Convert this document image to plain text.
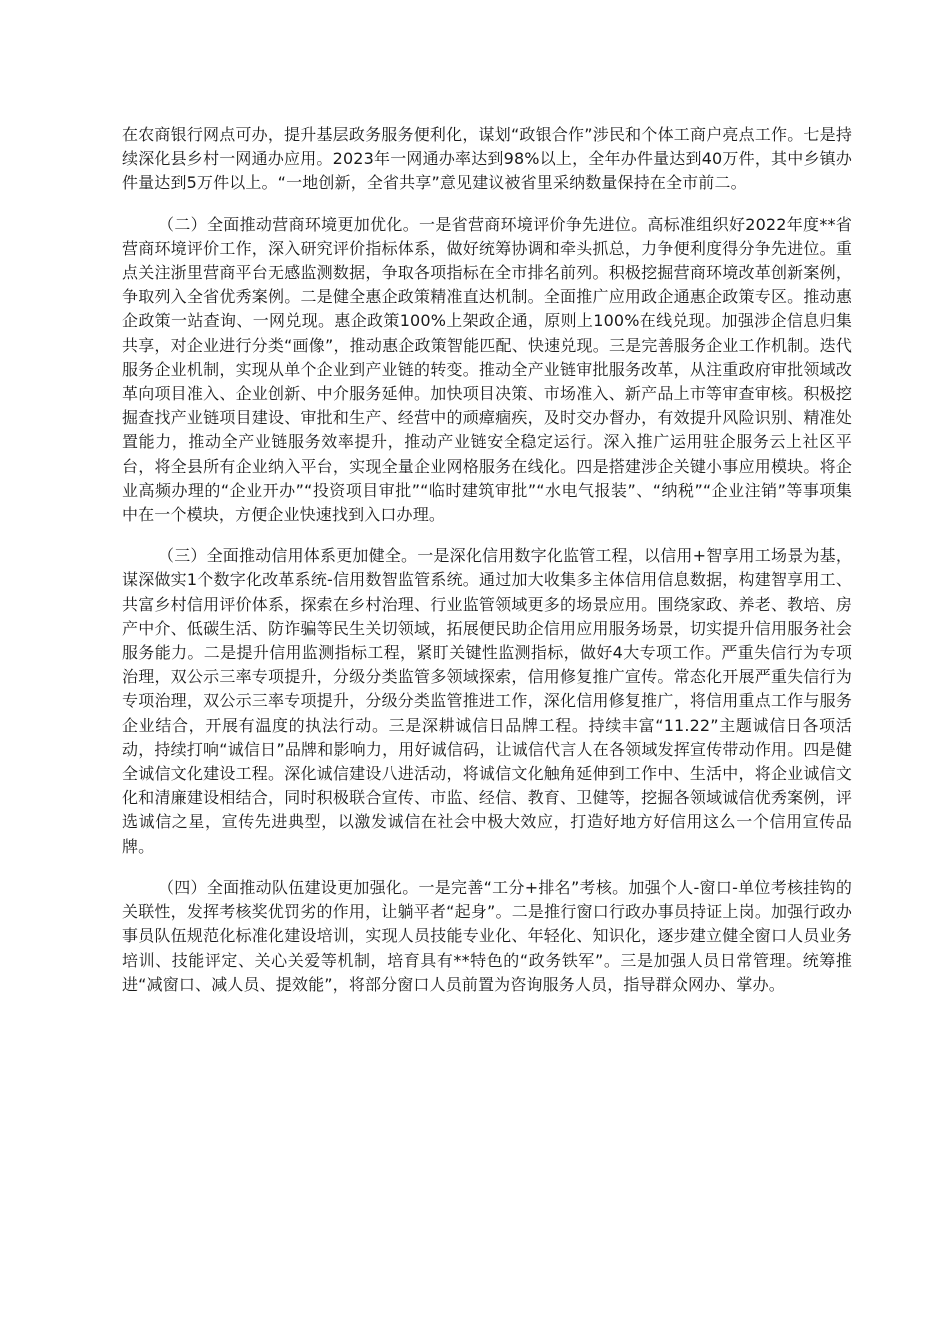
在农商银行网点可办，提升基层政务服务便利化，谋划“政银合作”涉民和个体工商户亮点工作。七是持续深化县乡村一网通办应用。2023年一网通办率达到98%以上，全年办件量达到40万件，其中乡镇办件量达到5万件以上。“一地创新，全省共享”意见建议被省里采纳数量保持在全市前二。

（二）全面推动营商环境更加优化。一是省营商环境评价争先进位。高标准组织好2022年度**省营商环境评价工作，深入研究评价指标体系，做好统筹协调和牵头抓总，力争便利度得分争先进位。重点关注浙里营商平台无感监测数据，争取各项指标在全市排名前列。积极挖掘营商环境改革创新案例，争取列入全省优秀案例。二是健全惠企政策精准直达机制。全面推广应用政企通惠企政策专区。推动惠企政策一站查询、一网兑现。惠企政策100%上架政企通，原则上100%在线兑现。加强涉企信息归集共享，对企业进行分类“画像”，推动惠企政策智能匹配、快速兑现。三是完善服务企业工作机制。迭代服务企业机制，实现从单个企业到产业链的转变。推动全产业链审批服务改革，从注重政府审批领域改革向项目准入、企业创新、中介服务延伸。加快项目决策、市场准入、新产品上市等审查审核。积极挖掘查找产业链项目建设、审批和生产、经营中的顽瘴痼疾，及时交办督办，有效提升风险识别、精准处置能力，推动全产业链服务效率提升，推动产业链安全稳定运行。深入推广运用驻企服务云上社区平台，将全县所有企业纳入平台，实现全量企业网格服务在线化。四是搭建涉企关键小事应用模块。将企业高频办理的“企业开办”“投资项目审批”“临时建筑审批”“水电气报装”、“纳税”“企业注销”等事项集中在一个模块，方便企业快速找到入口办理。

（三）全面推动信用体系更加健全。一是深化信用数字化监管工程，以信用+智享用工场景为基，谋深做实1个数字化改革系统-信用数智监管系统。通过加大收集多主体信用信息数据，构建智享用工、共富乡村信用评价体系，探索在乡村治理、行业监管领域更多的场景应用。围绕家政、养老、教培、房产中介、低碳生活、防诈骗等民生关切领域，拓展便民助企信用应用服务场景，切实提升信用服务社会服务能力。二是提升信用监测指标工程，紧盯关键性监测指标，做好4大专项工作。严重失信行为专项治理，双公示三率专项提升，分级分类监管多领域探索，信用修复推广宣传。常态化开展严重失信行为专项治理，双公示三率专项提升，分级分类监管推进工作，深化信用修复推广，将信用重点工作与服务企业结合，开展有温度的执法行动。三是深耕诚信日品牌工程。持续丰富“11.22”主题诚信日各项活动，持续打响“诚信日”品牌和影响力，用好诚信码，让诚信代言人在各领域发挥宣传带动作用。四是健全诚信文化建设工程。深化诚信建设八进活动，将诚信文化触角延伸到工作中、生活中，将企业诚信文化和清廉建设相结合，同时积极联合宣传、市监、经信、教育、卫健等，挖掘各领域诚信优秀案例，评选诚信之星，宣传先进典型，以激发诚信在社会中极大效应，打造好地方好信用这么一个信用宣传品牌。

（四）全面推动队伍建设更加强化。一是完善“工分+排名”考核。加强个人-窗口-单位考核挂钩的关联性，发挥考核奖优罚劣的作用，让躺平者“起身”。二是推行窗口行政办事员持证上岗。加强行政办事员队伍规范化标准化建设培训，实现人员技能专业化、年轻化、知识化，逐步建立健全窗口人员业务培训、技能评定、关心关爱等机制，培育具有**特色的“政务铁军”。三是加强人员日常管理。统筹推进“减窗口、减人员、提效能”，将部分窗口人员前置为咨询服务人员，指导群众网办、掌办。
